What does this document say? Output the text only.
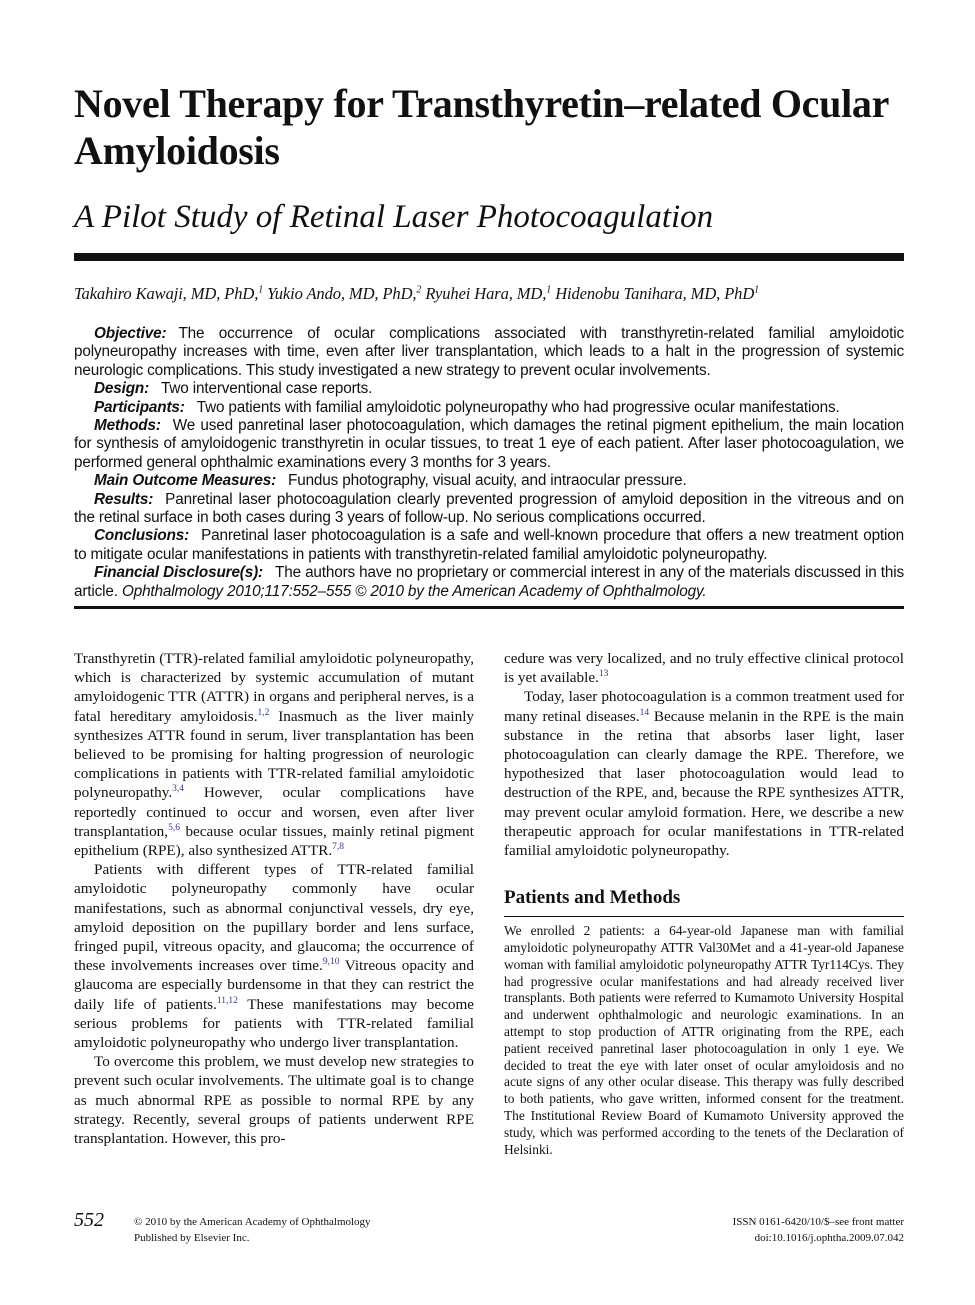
Novel Therapy for Transthyretin–related Ocular Amyloidosis
A Pilot Study of Retinal Laser Photocoagulation
Takahiro Kawaji, MD, PhD,$^1$ Yukio Ando, MD, PhD,$^2$ Ryuhei Hara, MD,$^1$ Hidenobu Tanihara, MD, PhD$^1$

Objective: The occurrence of ocular complications associated with transthyretin-related familial amyloidotic polyneuropathy increases with time, even after liver transplantation, which leads to a halt in the progression of systemic neurologic complications. This study investigated a new strategy to prevent ocular involvements.

Design: Two interventional case reports.

Participants: Two patients with familial amyloidotic polyneuropathy who had progressive ocular manifestations.

Methods: We used panretinal laser photocoagulation, which damages the retinal pigment epithelium, the main location for synthesis of amyloidogenic transthyretin in ocular tissues, to treat 1 eye of each patient. After laser photocoagulation, we performed general ophthalmic examinations every 3 months for 3 years.

Main Outcome Measures: Fundus photography, visual acuity, and intraocular pressure.

Results: Panretinal laser photocoagulation clearly prevented progression of amyloid deposition in the vitreous and on the retinal surface in both cases during 3 years of follow-up. No serious complications occurred.

Conclusions: Panretinal laser photocoagulation is a safe and well-known procedure that offers a new treatment option to mitigate ocular manifestations in patients with transthyretin-related familial amyloidotic polyneuropathy.

Financial Disclosure(s): The authors have no proprietary or commercial interest in any of the materials discussed in this article. Ophthalmology 2010;117:552–555 © 2010 by the American Academy of Ophthalmology.

Transthyretin (TTR)-related familial amyloidotic polyneuropathy, which is characterized by systemic accumulation of mutant amyloidogenic TTR (ATTR) in organs and peripheral nerves, is a fatal hereditary amyloidosis.$^{1,2}$ Inasmuch as the liver mainly synthesizes ATTR found in serum, liver transplantation has been believed to be promising for halting progression of neurologic complications in patients with TTR-related familial amyloidotic polyneuropathy.$^{3,4}$ However, ocular complications have reportedly continued to occur and worsen, even after liver transplantation,$^{5,6}$ because ocular tissues, mainly retinal pigment epithelium (RPE), also synthesized ATTR.$^{7,8}$

Patients with different types of TTR-related familial amyloidotic polyneuropathy commonly have ocular manifestations, such as abnormal conjunctival vessels, dry eye, amyloid deposition on the pupillary border and lens surface, fringed pupil, vitreous opacity, and glaucoma; the occurrence of these involvements increases over time.$^{9,10}$ Vitreous opacity and glaucoma are especially burdensome in that they can restrict the daily life of patients.$^{11,12}$ These manifestations may become serious problems for patients with TTR-related familial amyloidotic polyneuropathy who undergo liver transplantation.

To overcome this problem, we must develop new strategies to prevent such ocular involvements. The ultimate goal is to change as much abnormal RPE as possible to normal RPE by any strategy. Recently, several groups of patients underwent RPE transplantation. However, this pro-

cedure was very localized, and no truly effective clinical protocol is yet available.$^{13}$

Today, laser photocoagulation is a common treatment used for many retinal diseases.$^{14}$ Because melanin in the RPE is the main substance in the retina that absorbs laser light, laser photocoagulation can clearly damage the RPE. Therefore, we hypothesized that laser photocoagulation would lead to destruction of the RPE, and, because the RPE synthesizes ATTR, may prevent ocular amyloid formation. Here, we describe a new therapeutic approach for ocular manifestations in TTR-related familial amyloidotic polyneuropathy.

Patients and Methods

We enrolled 2 patients: a 64-year-old Japanese man with familial amyloidotic polyneuropathy ATTR Val30Met and a 41-year-old Japanese woman with familial amyloidotic polyneuropathy ATTR Tyr114Cys. They had progressive ocular manifestations and had already received liver transplants. Both patients were referred to Kumamoto University Hospital and underwent ophthalmologic and neurologic examinations. In an attempt to stop production of ATTR originating from the RPE, each patient received panretinal laser photocoagulation in only 1 eye. We decided to treat the eye with later onset of ocular amyloidosis and no acute signs of any other ocular disease. This therapy was fully described to both patients, who gave written, informed consent for the treatment. The Institutional Review Board of Kumamoto University approved the study, which was performed according to the tenets of the Declaration of Helsinki.

552	© 2010 by the American Academy of Ophthalmology
Published by Elsevier Inc.
ISSN 0161-6420/10/$–see front matter
doi:10.1016/j.ophtha.2009.07.042
